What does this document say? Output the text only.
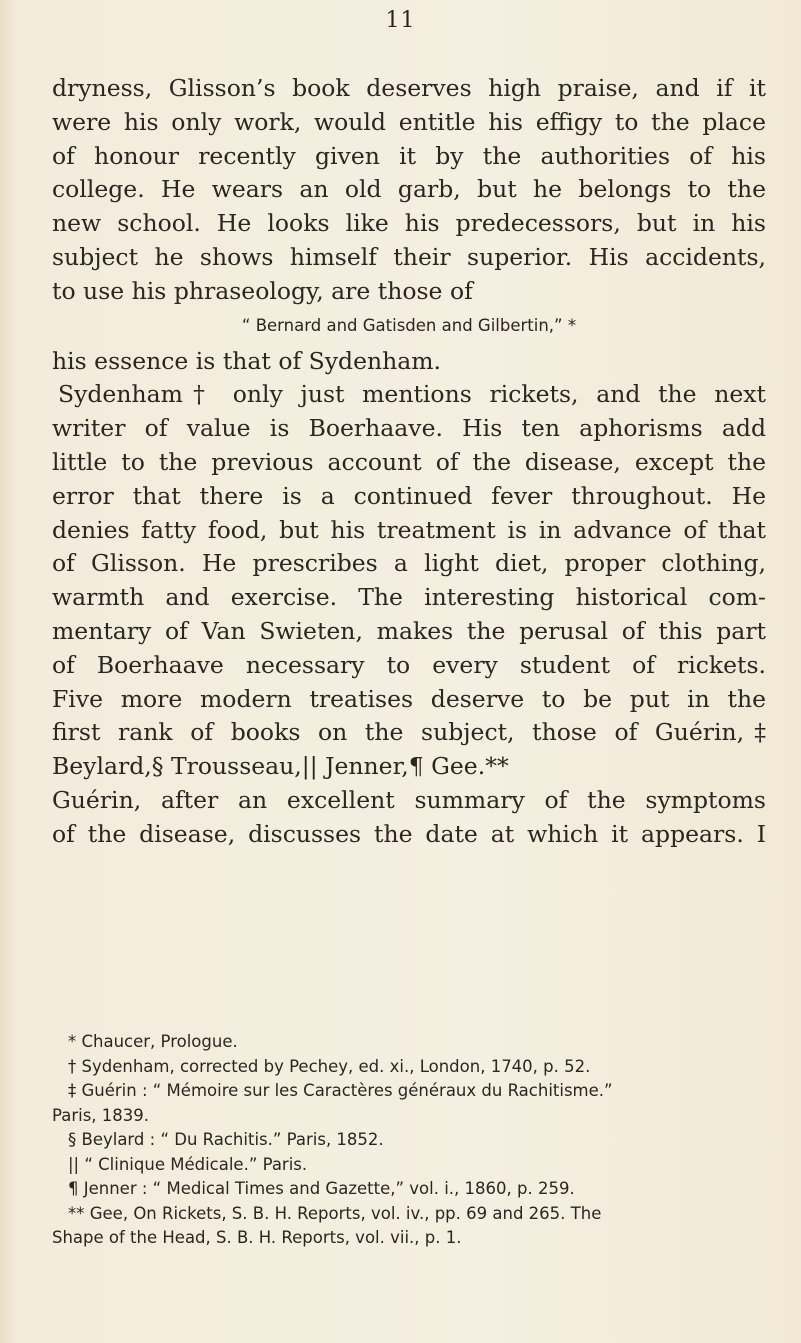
11
dryness, Glisson’s book deserves high praise, and if it
were his only work, would entitle his effigy to the place
of honour recently given it by the authorities of his
college. He wears an old garb, but he belongs to the
new school. He looks like his predecessors, but in his
subject he shows himself their superior. His accidents,
to use his phraseology, are those of
“ Bernard and Gatisden and Gilbertin,” *
his essence is that of Sydenham.
Sydenham† only just mentions rickets, and the next
writer of value is Boerhaave. His ten aphorisms add
little to the previous account of the disease, except the
error that there is a continued fever throughout. He
denies fatty food, but his treatment is in advance of that
of Glisson. He prescribes a light diet, proper clothing,
warmth and exercise. The interesting historical com-
mentary of Van Swieten, makes the perusal of this part
of Boerhaave necessary to every student of rickets.
Five more modern treatises deserve to be put in the
first rank of books on the subject, those of Guérin,‡
Beylard,§ Trousseau,|| Jenner,¶ Gee.**
Guérin, after an excellent summary of the symptoms
of the disease, discusses the date at which it appears. I
* Chaucer, Prologue.
† Sydenham, corrected by Pechey, ed. xi., London, 1740, p. 52.
‡ Guérin : “ Mémoire sur les Caractères généraux du Rachitisme.”
Paris, 1839.
§ Beylard : “ Du Rachitis.” Paris, 1852.
|| “ Clinique Médicale.” Paris.
¶ Jenner : “ Medical Times and Gazette,” vol. i., 1860, p. 259.
** Gee, On Rickets, S. B. H. Reports, vol. iv., pp. 69 and 265. The
Shape of the Head, S. B. H. Reports, vol. vii., p. 1.
